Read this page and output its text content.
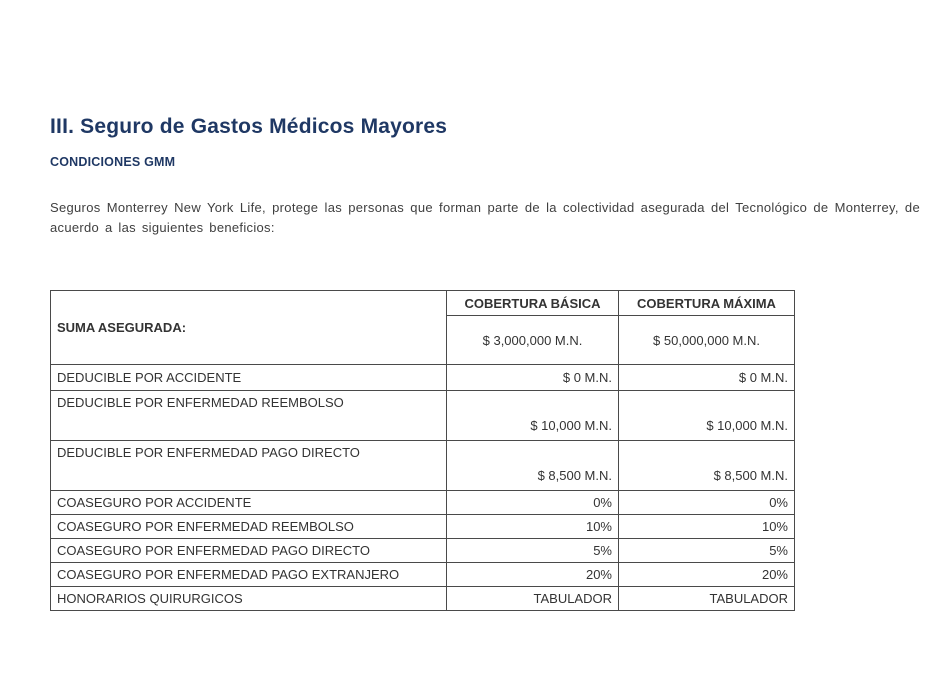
III. Seguro de Gastos Médicos Mayores
CONDICIONES GMM

Seguros Monterrey New York Life, protege las personas que forman parte de la colectividad asegurada del Tecnológico de Monterrey, de acuerdo a las siguientes beneficios:

SUMA ASEGURADA:	COBERTURA BÁSICA	COBERTURA MÁXIMA
	$ 3,000,000 M.N.	$ 50,000,000 M.N.
DEDUCIBLE POR ACCIDENTE	$ 0 M.N.	$ 0 M.N.
DEDUCIBLE POR ENFERMEDAD REEMBOLSO	$ 10,000 M.N.	$ 10,000 M.N.
DEDUCIBLE POR ENFERMEDAD PAGO DIRECTO	$ 8,500 M.N.	$ 8,500 M.N.
COASEGURO POR ACCIDENTE	0%	0%
COASEGURO POR ENFERMEDAD REEMBOLSO	10%	10%
COASEGURO POR ENFERMEDAD PAGO DIRECTO	5%	5%
COASEGURO POR ENFERMEDAD PAGO EXTRANJERO	20%	20%
HONORARIOS QUIRURGICOS	TABULADOR	TABULADOR
